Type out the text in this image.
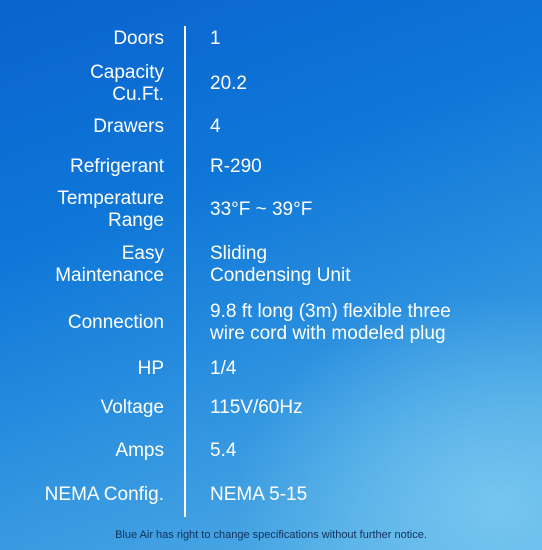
Doors 1
Capacity
Cu.Ft.
20.2
Drawers 4
Refrigerant R-290
Temperature
Range
33°F ~ 39°F
Easy
Maintenance
Sliding
Condensing Unit
Connection
9.8 ft long (3m) flexible three
wire cord with modeled plug
HP 1/4
Voltage 115V/60Hz
Amps 5.4
NEMA Config. NEMA 5-15
Blue Air has right to change specifications without further notice.
